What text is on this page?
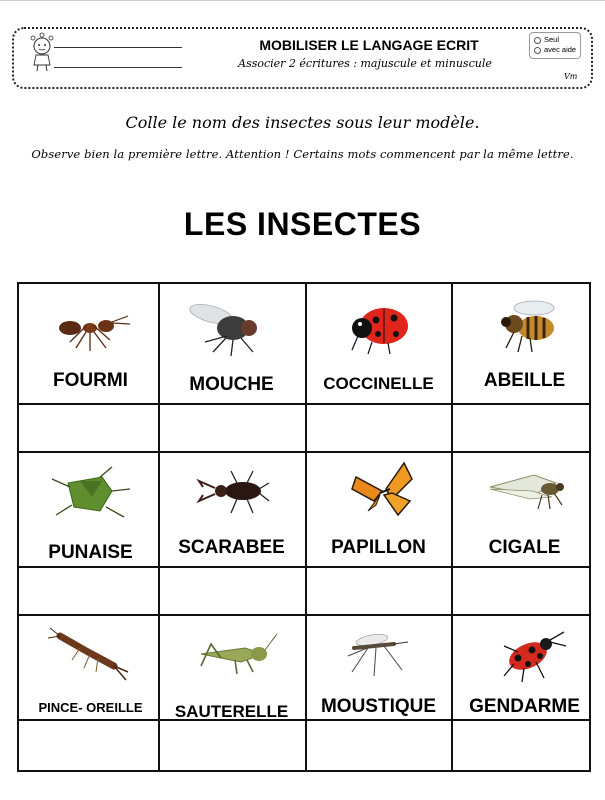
MOBILISER LE LANGAGE ECRIT
Associer 2 écritures : majuscule et minuscule
Seul
avec aide
Vm
Colle le nom des insectes sous leur modèle.
Observe bien la première lettre. Attention ! Certains mots commencent par la même lettre.
LES INSECTES
FOURMI	MOUCHE	COCCINELLE	ABEILLE
PUNAISE	SCARABEE	PAPILLON	CIGALE
PINCE- OREILLE	SAUTERELLE	MOUSTIQUE	GENDARME
